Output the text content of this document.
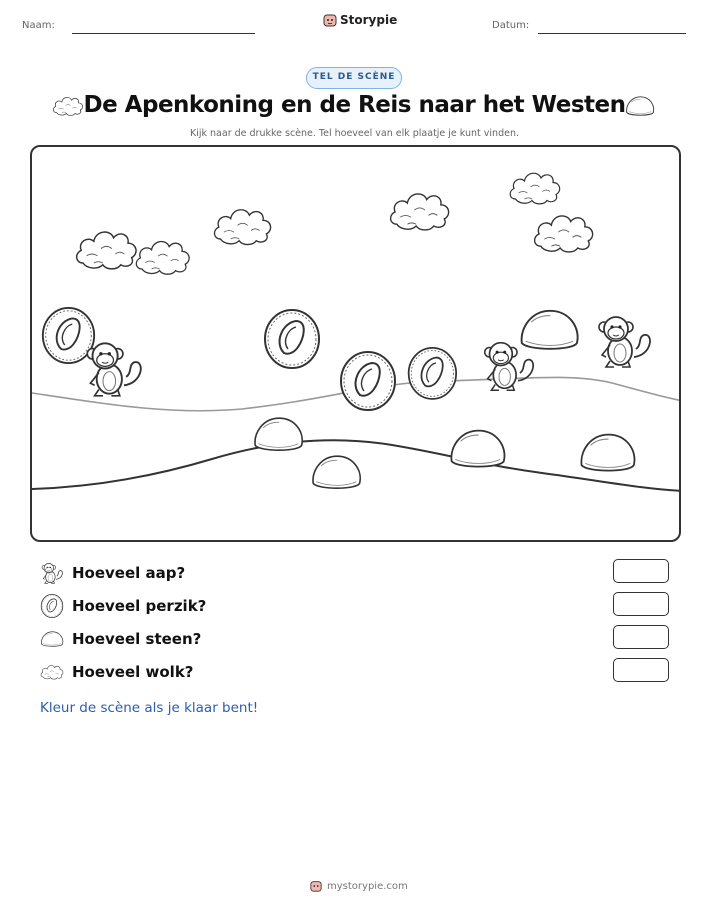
Naam:	Storypie	Datum:
TEL DE SCÈNE
De Apenkoning en de Reis naar het Westen
Kijk naar de drukke scène. Tel hoeveel van elk plaatje je kunt vinden.
Hoeveel aap?
Hoeveel perzik?
Hoeveel steen?
Hoeveel wolk?
Kleur de scène als je klaar bent!
mystorypie.com
